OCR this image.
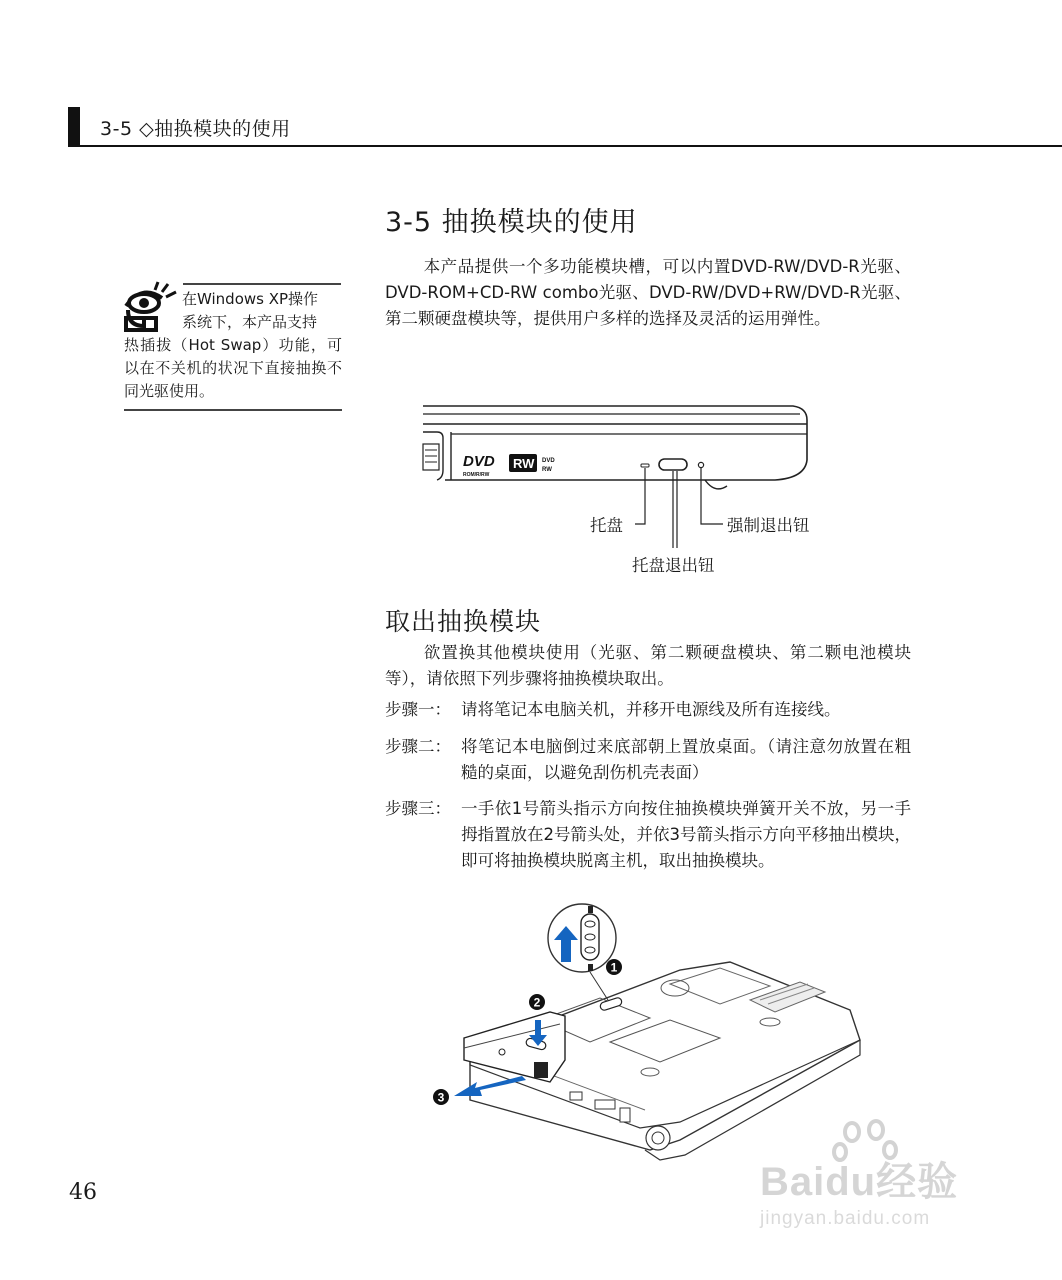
3-5 ◇抽换模块的使用
在Windows XP操作
系统下，本产品支持
热插拔（Hot Swap）功能，可以在不关机的状况下直接抽换不同光驱使用。
3-5 抽换模块的使用
本产品提供一个多功能模块槽，可以内置DVD-RW/DVD-R光驱、DVD-ROM+CD-RW combo光驱、DVD-RW/DVD+RW/DVD-R光驱、第二颗硬盘模块等，提供用户多样的选择及灵活的运用弹性。
DVD
ROM/R/RW
RW DVD
RW
托盘	强制退出钮
托盘退出钮
取出抽换模块
欲置换其他模块使用（光驱、第二颗硬盘模块、第二颗电池模块等），请依照下列步骤将抽换模块取出。
步骤一： 请将笔记本电脑关机，并移开电源线及所有连接线。
步骤二： 将笔记本电脑倒过来底部朝上置放桌面。（请注意勿放置在粗糙的桌面，以避免刮伤机壳表面）
步骤三： 一手依1号箭头指示方向按住抽换模块弹簧开关不放，另一手拇指置放在2号箭头处，并依3号箭头指示方向平移抽出模块，即可将抽换模块脱离主机，取出抽换模块。
1
2
3
46	Baidu经验
jingyan.baidu.com
